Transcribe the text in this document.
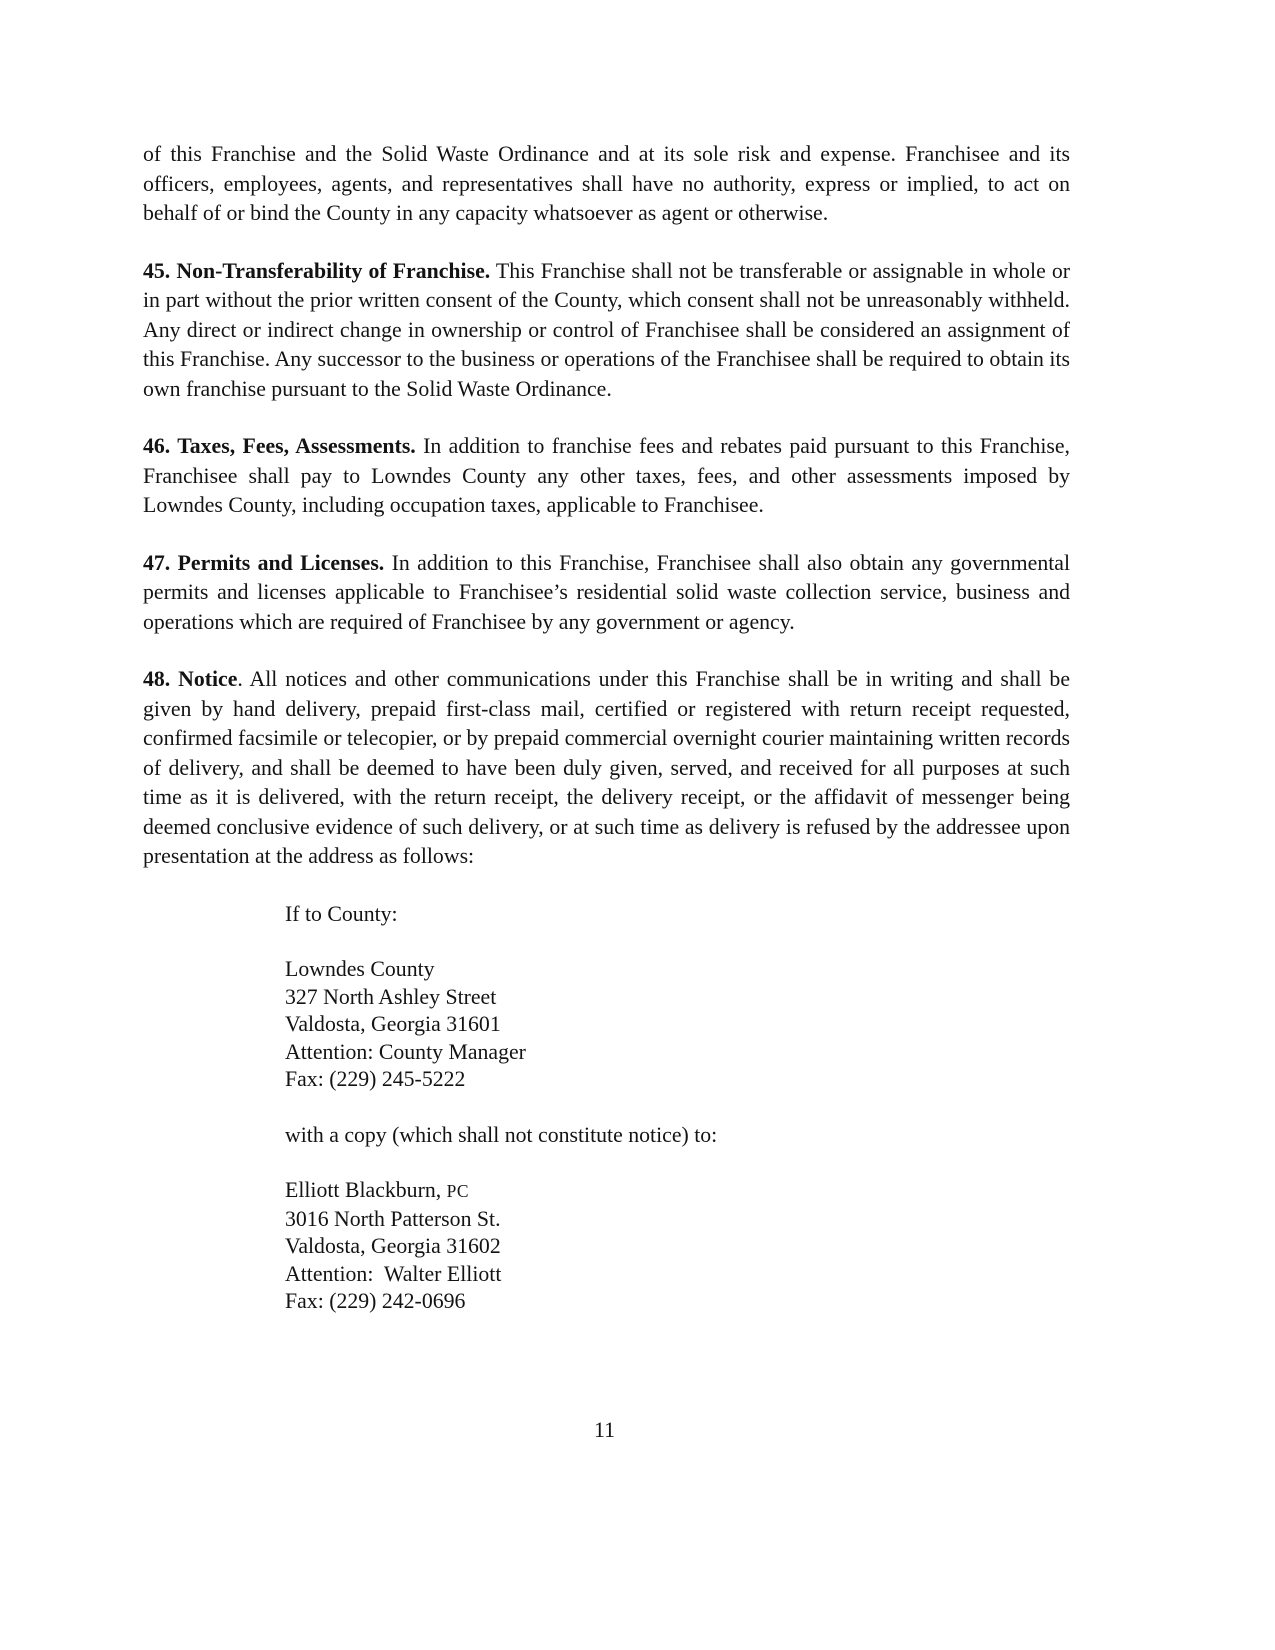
of this Franchise and the Solid Waste Ordinance and at its sole risk and expense. Franchisee and its officers, employees, agents, and representatives shall have no authority, express or implied, to act on behalf of or bind the County in any capacity whatsoever as agent or otherwise.

45. Non-Transferability of Franchise. This Franchise shall not be transferable or assignable in whole or in part without the prior written consent of the County, which consent shall not be unreasonably withheld. Any direct or indirect change in ownership or control of Franchisee shall be considered an assignment of this Franchise. Any successor to the business or operations of the Franchisee shall be required to obtain its own franchise pursuant to the Solid Waste Ordinance.

46. Taxes, Fees, Assessments. In addition to franchise fees and rebates paid pursuant to this Franchise, Franchisee shall pay to Lowndes County any other taxes, fees, and other assessments imposed by Lowndes County, including occupation taxes, applicable to Franchisee.

47. Permits and Licenses. In addition to this Franchise, Franchisee shall also obtain any governmental permits and licenses applicable to Franchisee’s residential solid waste collection service, business and operations which are required of Franchisee by any government or agency.

48. Notice. All notices and other communications under this Franchise shall be in writing and shall be given by hand delivery, prepaid first-class mail, certified or registered with return receipt requested, confirmed facsimile or telecopier, or by prepaid commercial overnight courier maintaining written records of delivery, and shall be deemed to have been duly given, served, and received for all purposes at such time as it is delivered, with the return receipt, the delivery receipt, or the affidavit of messenger being deemed conclusive evidence of such delivery, or at such time as delivery is refused by the addressee upon presentation at the address as follows:

If to County:

Lowndes County
327 North Ashley Street
Valdosta, Georgia 31601
Attention: County Manager
Fax: (229) 245-5222

with a copy (which shall not constitute notice) to:

Elliott Blackburn, PC
3016 North Patterson St.
Valdosta, Georgia 31602
Attention:  Walter Elliott
Fax: (229) 242-0696
11
